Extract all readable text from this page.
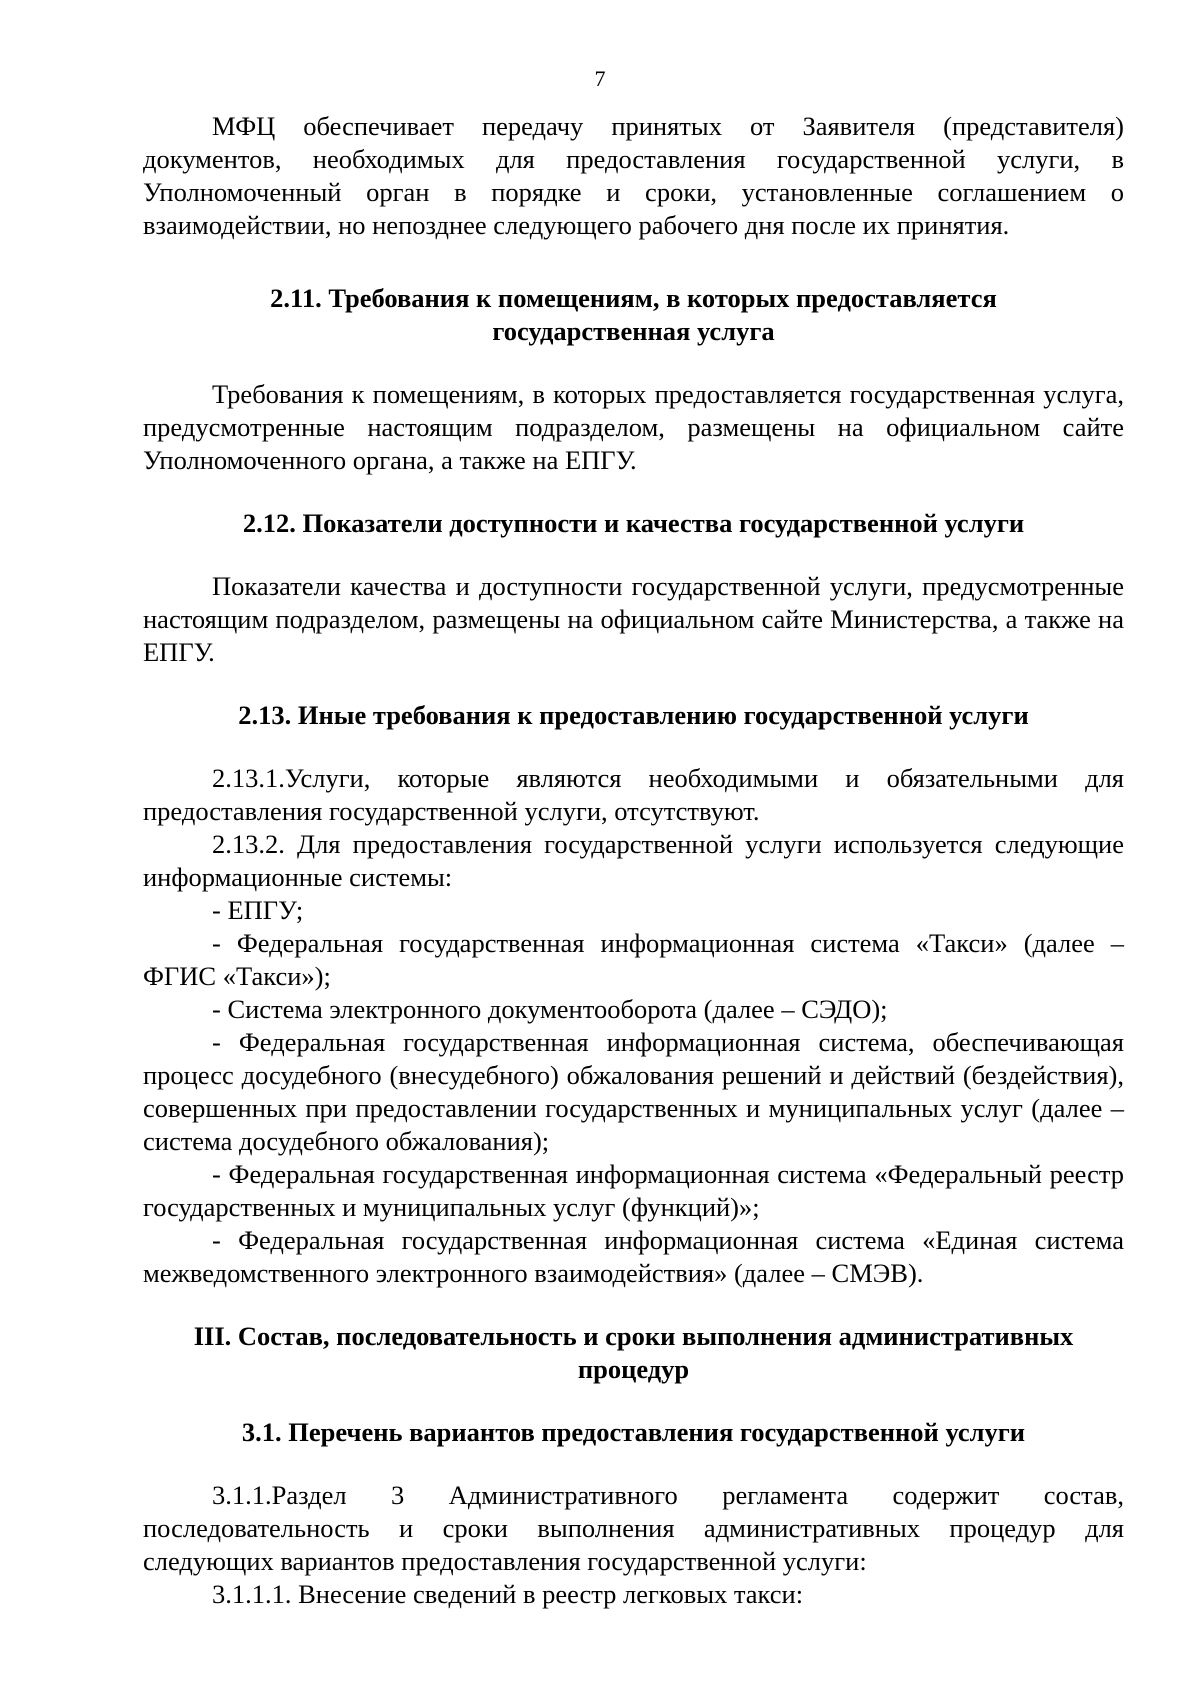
7

МФЦ обеспечивает передачу принятых от Заявителя (представителя) документов, необходимых для предоставления государственной услуги, в Уполномоченный орган в порядке и сроки, установленные соглашением о взаимодействии, но непозднее следующего рабочего дня после их принятия.

2.11. Требования к помещениям, в которых предоставляется
государственная услуга

Требования к помещениям, в которых предоставляется государственная услуга, предусмотренные настоящим подразделом, размещены на официальном сайте Уполномоченного органа, а также на ЕПГУ.

2.12. Показатели доступности и качества государственной услуги

Показатели качества и доступности государственной услуги, предусмотренные настоящим подразделом, размещены на официальном сайте Министерства, а также на ЕПГУ.

2.13. Иные требования к предоставлению государственной услуги

2.13.1.Услуги, которые являются необходимыми и обязательными для предоставления государственной услуги, отсутствуют.

2.13.2. Для предоставления государственной услуги используется следующие информационные системы:

- ЕПГУ;

- Федеральная государственная информационная система «Такси» (далее – ФГИС «Такси»);

- Система электронного документооборота (далее – СЭДО);

- Федеральная государственная информационная система, обеспечивающая процесс досудебного (внесудебного) обжалования решений и действий (бездействия), совершенных при предоставлении государственных и муниципальных услуг (далее – система досудебного обжалования);

- Федеральная государственная информационная система «Федеральный реестр государственных и муниципальных услуг (функций)»;

- Федеральная государственная информационная система «Единая система межведомственного электронного взаимодействия» (далее – СМЭВ).

III. Состав, последовательность и сроки выполнения административных
процедур
3.1. Перечень вариантов предоставления государственной услуги

3.1.1.Раздел 3 Административного регламента содержит состав, последовательность и сроки выполнения административных процедур для следующих вариантов предоставления государственной услуги:

3.1.1.1. Внесение сведений в реестр легковых такси:
